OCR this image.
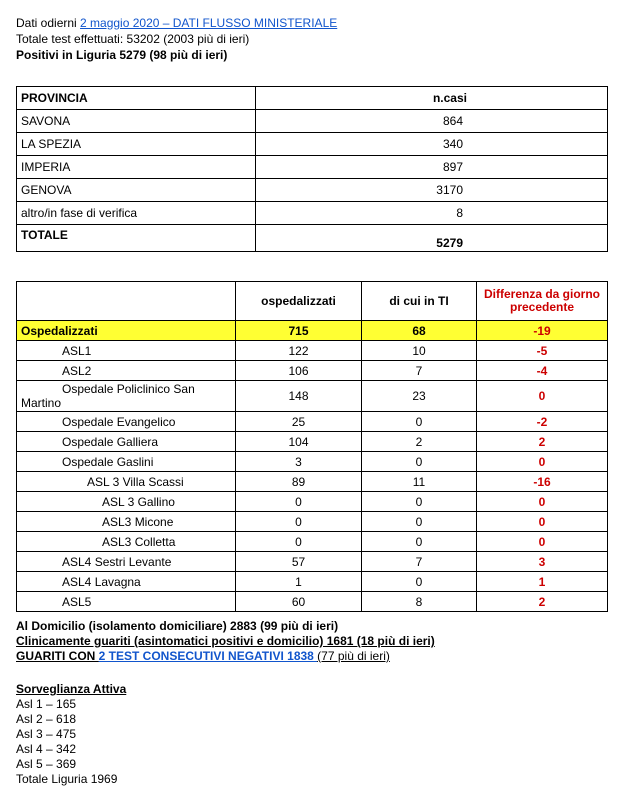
Dati odierni 2 maggio 2020 – DATI FLUSSO MINISTERIALE
Totale test effettuati: 53202 (2003 più di ieri)
Positivi in Liguria 5279 (98 più di ieri)
PROVINCIA	n.casi
SAVONA	864
LA SPEZIA	340
IMPERIA	897
GENOVA	3170
altro/in fase di verifica	8
TOTALE	5279
	ospedalizzati	di cui in TI	Differenza da giorno precedente
Ospedalizzati	715	68	-19
ASL1	122	10	-5
ASL2	106	7	-4

Ospedale Policlinico San
Martino	148	23	0
Ospedale Evangelico	25	0	-2
Ospedale Galliera	104	2	2
Ospedale Gaslini	3	0	0
ASL 3 Villa Scassi	89	11	-16
ASL 3 Gallino	0	0	0
ASL3 Micone	0	0	0
ASL3 Colletta	0	0	0
ASL4 Sestri Levante	57	7	3
ASL4 Lavagna	1	0	1
ASL5	60	8	2
Al Domicilio (isolamento domiciliare) 2883 (99 più di ieri)
Clinicamente guariti (asintomatici positivi e domicilio) 1681 (18 più di ieri)
GUARITI CON 2 TEST CONSECUTIVI NEGATIVI 1838 (77 più di ieri)
Sorveglianza Attiva
Asl 1 – 165
Asl 2 – 618
Asl 3 – 475
Asl 4 – 342
Asl 5 – 369
Totale Liguria 1969
